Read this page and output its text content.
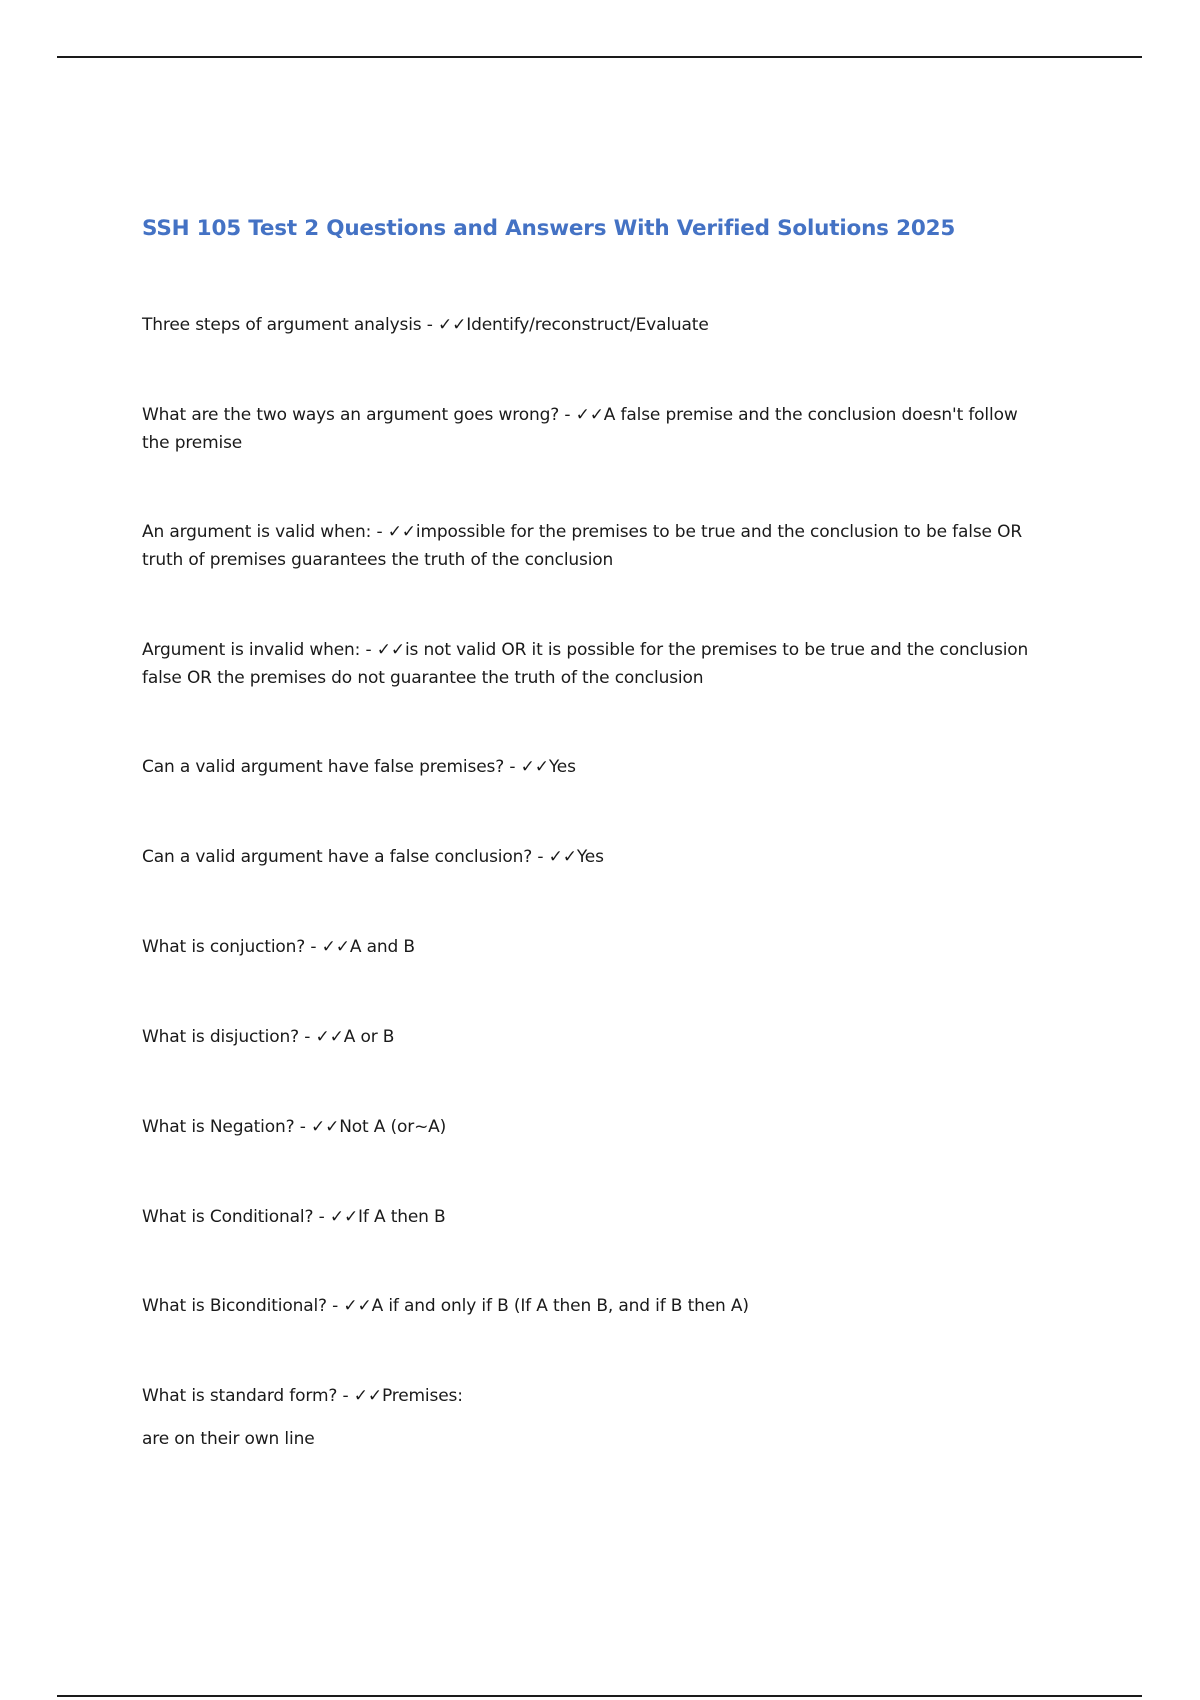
SSH 105 Test 2 Questions and Answers With Verified Solutions 2025

Three steps of argument analysis - ✓✓Identify/reconstruct/Evaluate

What are the two ways an argument goes wrong? - ✓✓A false premise and the conclusion doesn't follow the premise

An argument is valid when: - ✓✓impossible for the premises to be true and the conclusion to be false OR truth of premises guarantees the truth of the conclusion

Argument is invalid when: - ✓✓is not valid OR it is possible for the premises to be true and the conclusion false OR the premises do not guarantee the truth of the conclusion

Can a valid argument have false premises? - ✓✓Yes

Can a valid argument have a false conclusion? - ✓✓Yes

What is conjuction? - ✓✓A and B

What is disjuction? - ✓✓A or B

What is Negation? - ✓✓Not A (or~A)

What is Conditional? - ✓✓If A then B

What is Biconditional? - ✓✓A if and only if B (If A then B, and if B then A)

What is standard form? - ✓✓Premises:

are on their own line
